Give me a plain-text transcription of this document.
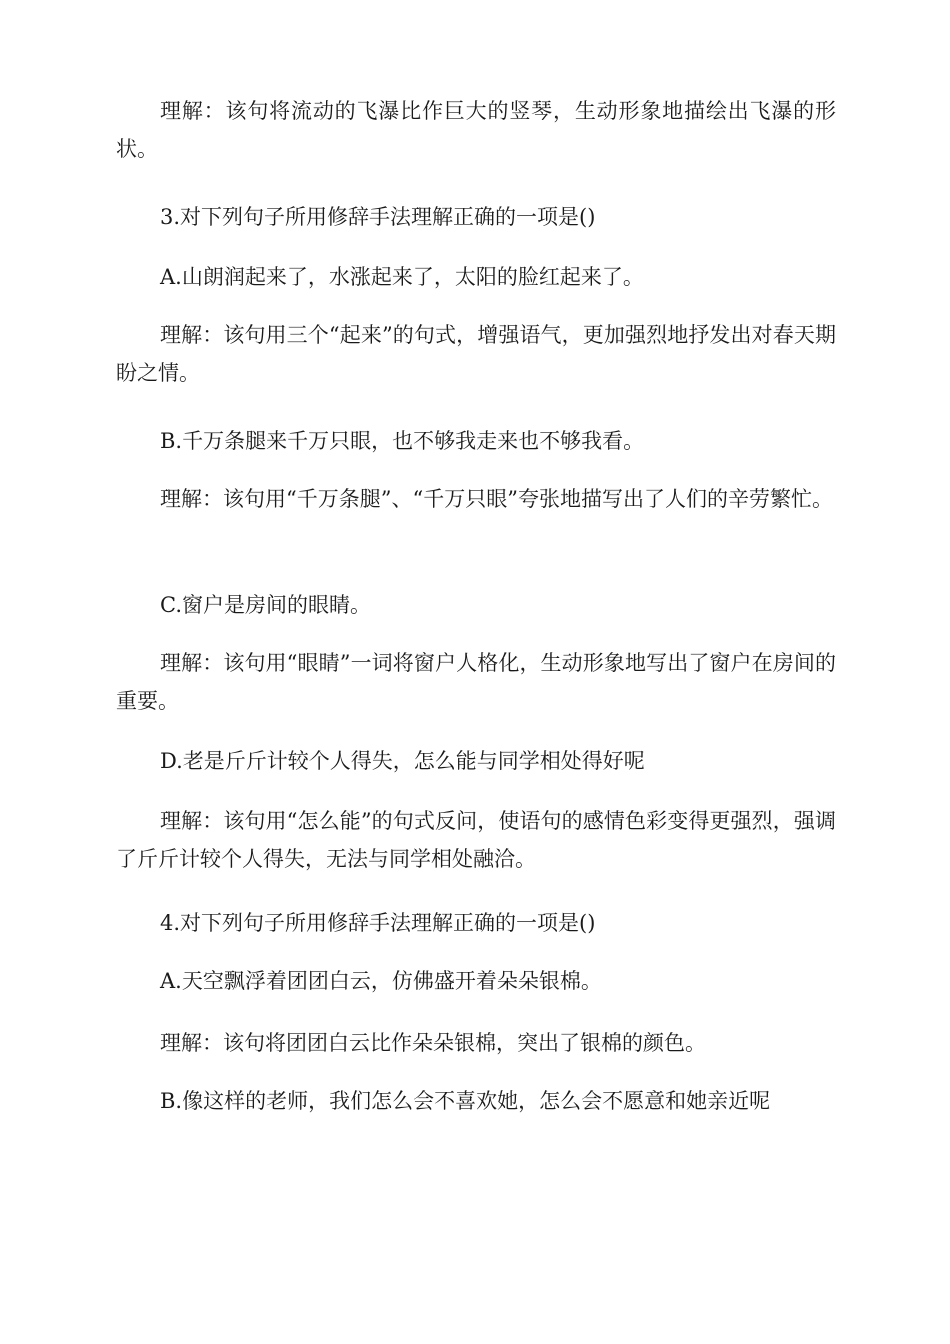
理解：该句将流动的飞瀑比作巨大的竖琴，生动形象地描绘出飞瀑的形状。

3.对下列句子所用修辞手法理解正确的一项是()

A.山朗润起来了，水涨起来了，太阳的脸红起来了。

理解：该句用三个“起来”的句式，增强语气，更加强烈地抒发出对春天期盼之情。

B.千万条腿来千万只眼，也不够我走来也不够我看。

理解：该句用“千万条腿”、“千万只眼”夸张地描写出了人们的辛劳繁忙。

C.窗户是房间的眼睛。

理解：该句用“眼睛”一词将窗户人格化，生动形象地写出了窗户在房间的重要。

D.老是斤斤计较个人得失，怎么能与同学相处得好呢

理解：该句用“怎么能”的句式反问，使语句的感情色彩变得更强烈，强调了斤斤计较个人得失，无法与同学相处融洽。

4.对下列句子所用修辞手法理解正确的一项是()

A.天空飘浮着团团白云，仿佛盛开着朵朵银棉。

理解：该句将团团白云比作朵朵银棉，突出了银棉的颜色。

B.像这样的老师，我们怎么会不喜欢她，怎么会不愿意和她亲近呢
